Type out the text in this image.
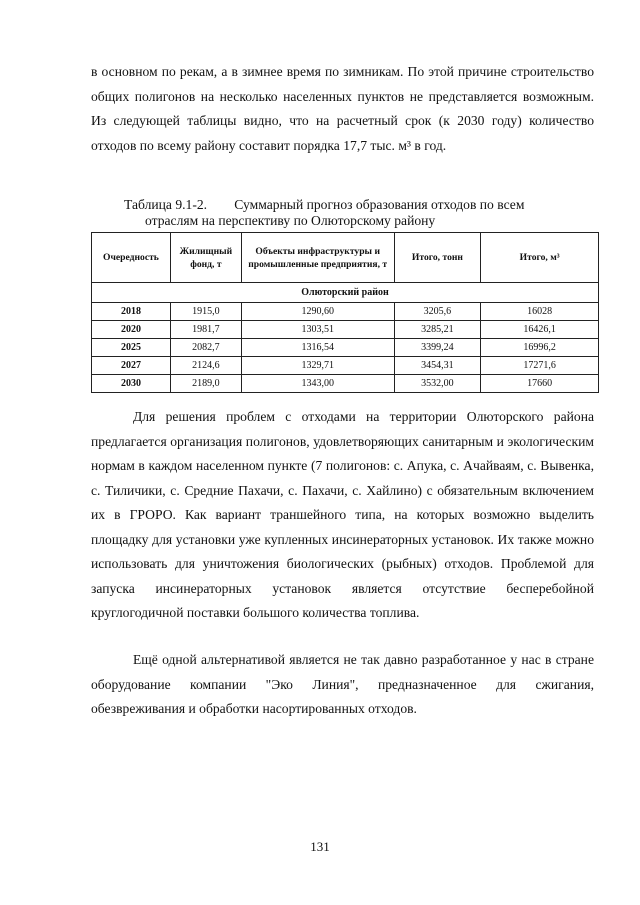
в основном по рекам, а в зимнее время по зимникам. По этой причине строительство общих полигонов на несколько населенных пунктов не представляется возможным. Из следующей таблицы видно, что на расчетный срок (к 2030 году) количество отходов по всему району составит порядка 17,7 тыс. м³ в год.
Таблица 9.1-2.        Суммарный прогноз образования отходов по всем
отраслям на перспективу по Олюторскому району
Очередность	Жилищный фонд, т	Объекты инфраструктуры и промышленные предприятия, т	Итого, тонн	Итого, м³
Олюторский район				
2018	1915,0	1290,60	3205,6	16028
2020	1981,7	1303,51	3285,21	16426,1
2025	2082,7	1316,54	3399,24	16996,2
2027	2124,6	1329,71	3454,31	17271,6
2030	2189,0	1343,00	3532,00	17660
Для решения проблем с отходами на территории Олюторского района предлагается организация полигонов, удовлетворяющих санитарным и экологическим нормам в каждом населенном пункте (7 полигонов: с. Апука, с. Ачайваям, с. Вывенка, с. Тиличики, с. Средние Пахачи, с. Пахачи, с. Хайлино) с обязательным включением их в ГРОРО. Как вариант траншейного типа, на которых возможно выделить площадку для установки уже купленных инсинераторных установок. Их также можно использовать для уничтожения биологических (рыбных) отходов. Проблемой для запуска инсинераторных установок является отсутствие бесперебойной круглогодичной поставки большого количества топлива.
Ещё одной альтернативой является не так давно разработанное у нас в стране оборудование компании "Эко Линия", предназначенное для сжигания, обезвреживания и обработки насортированных отходов.
131
